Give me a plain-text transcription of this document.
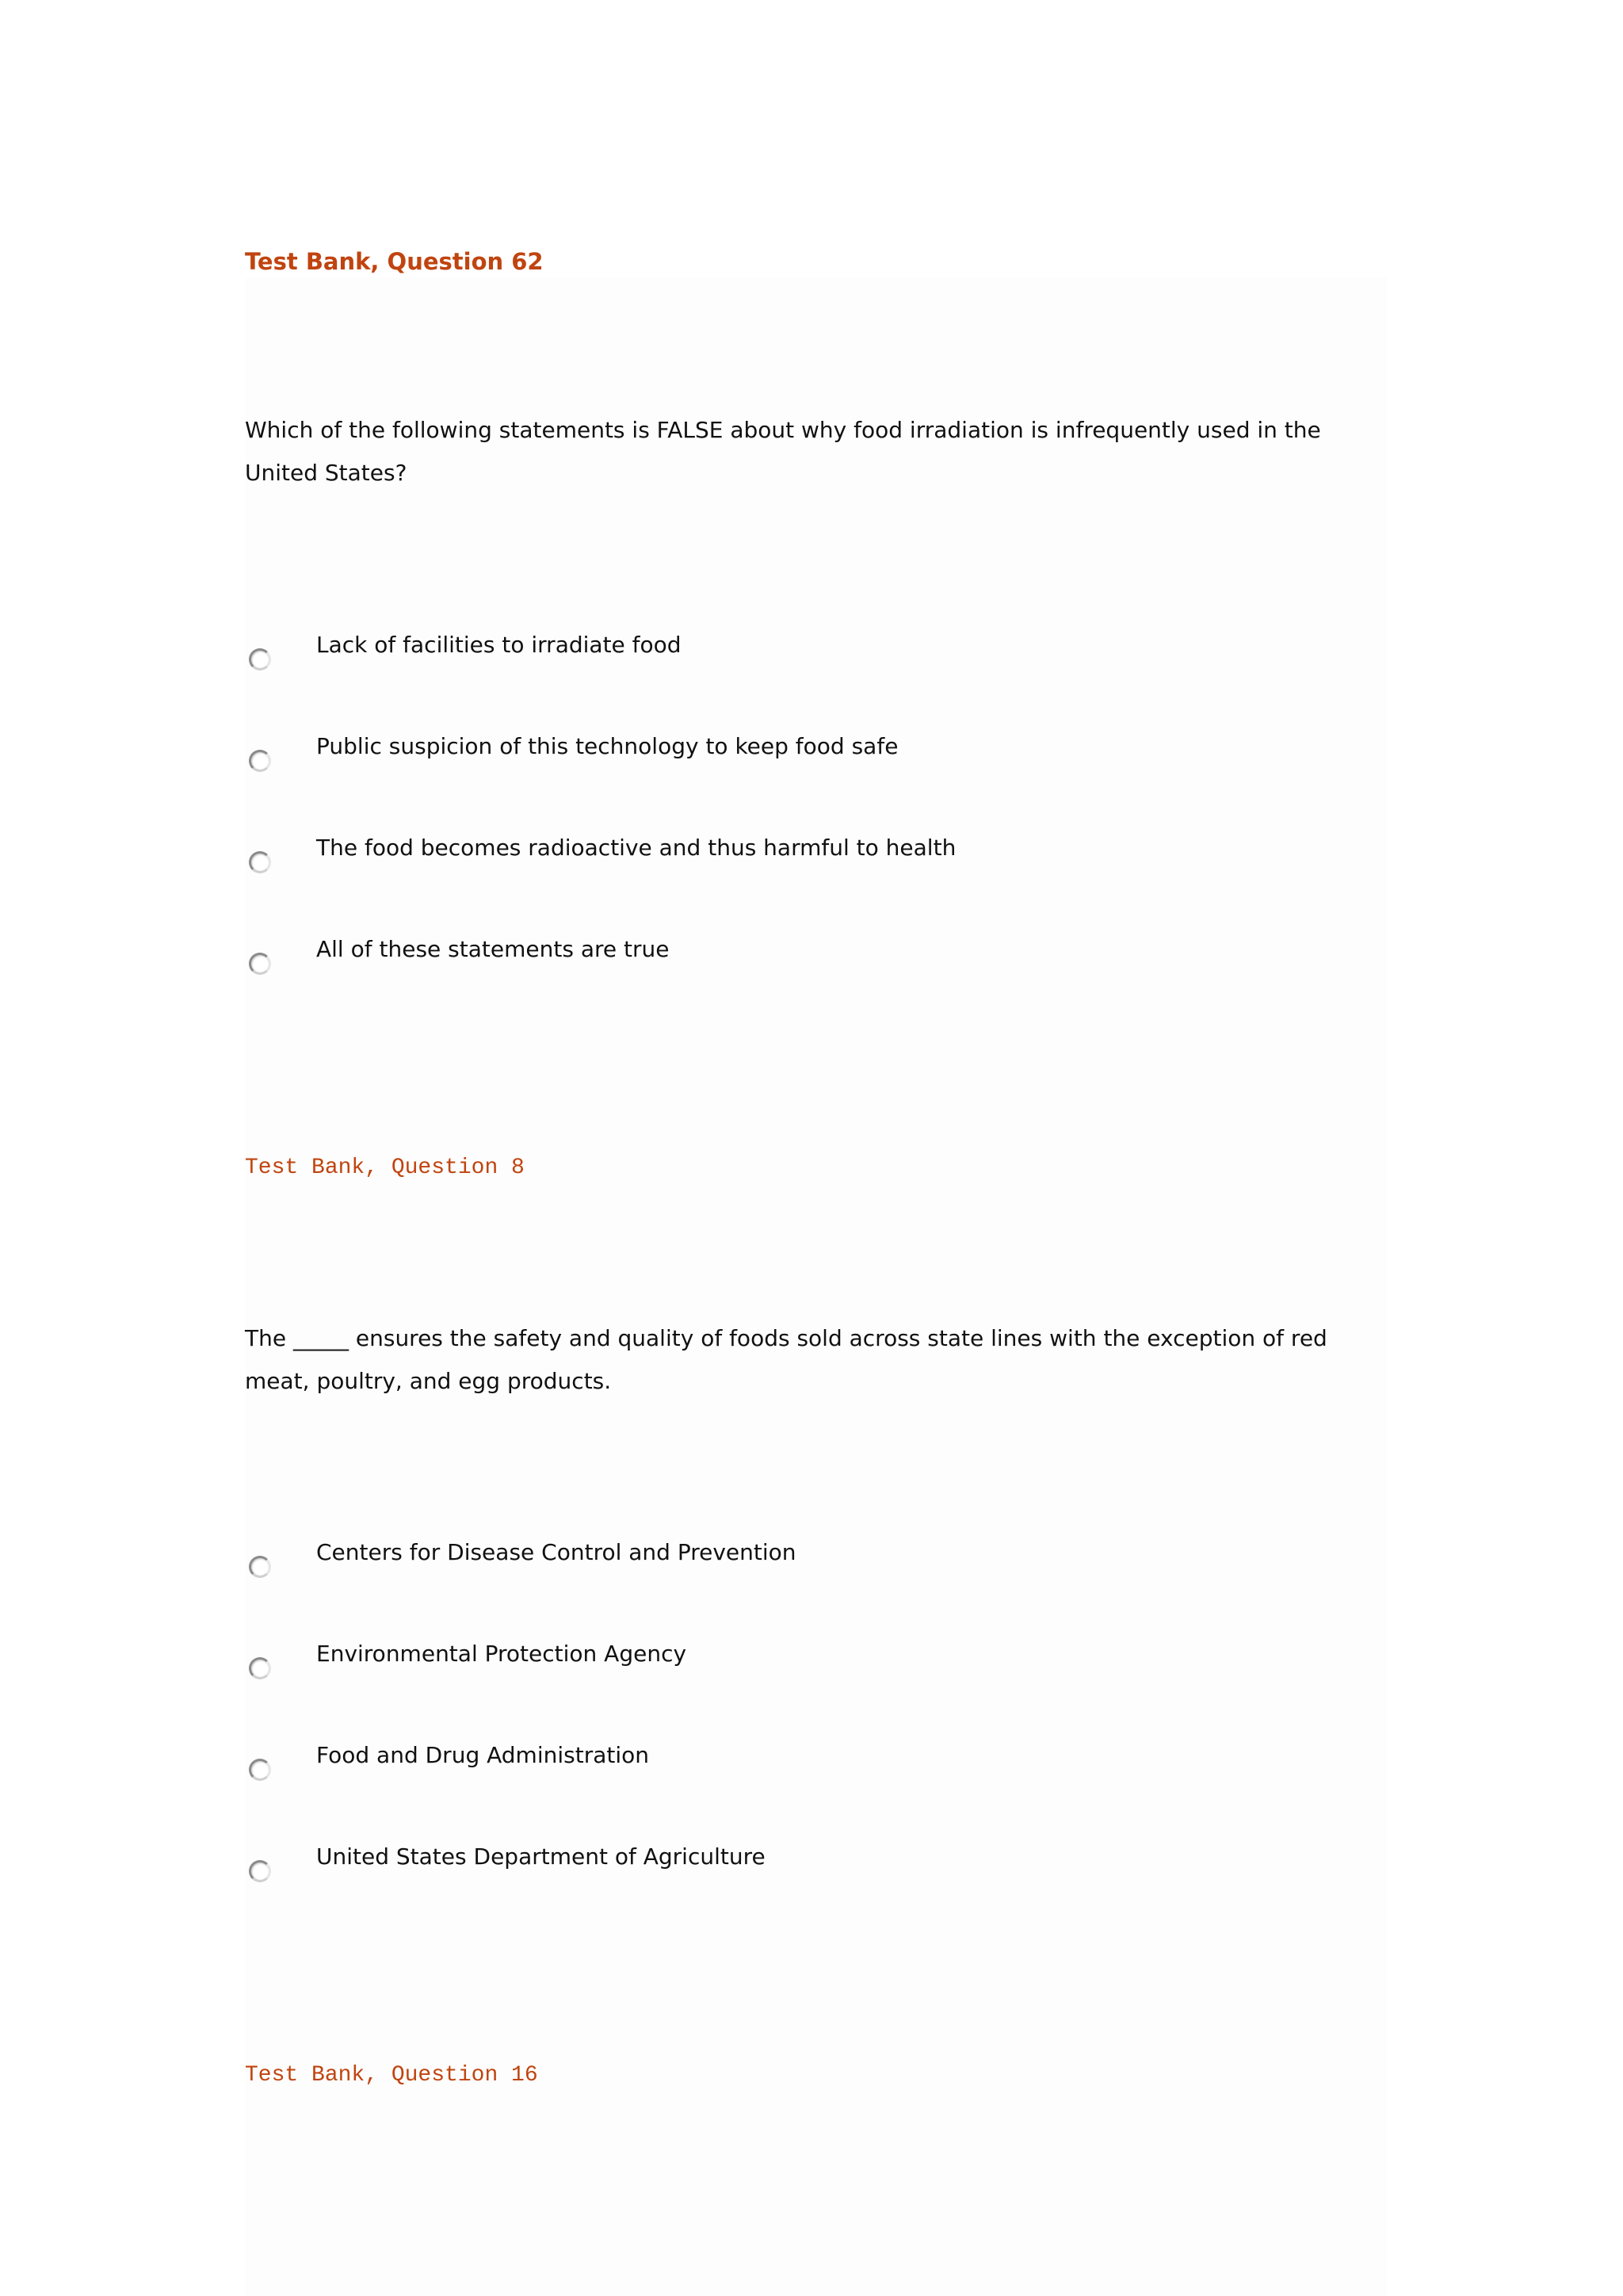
Test Bank, Question 62
Which of the following statements is FALSE about why food irradiation is infrequently used in the United States?
Lack of facilities to irradiate food
Public suspicion of this technology to keep food safe
The food becomes radioactive and thus harmful to health
All of these statements are true
Test Bank, Question 8
The _____ ensures the safety and quality of foods sold across state lines with the exception of red meat, poultry, and egg products.
Centers for Disease Control and Prevention
Environmental Protection Agency
Food and Drug Administration
United States Department of Agriculture
Test Bank, Question 16
